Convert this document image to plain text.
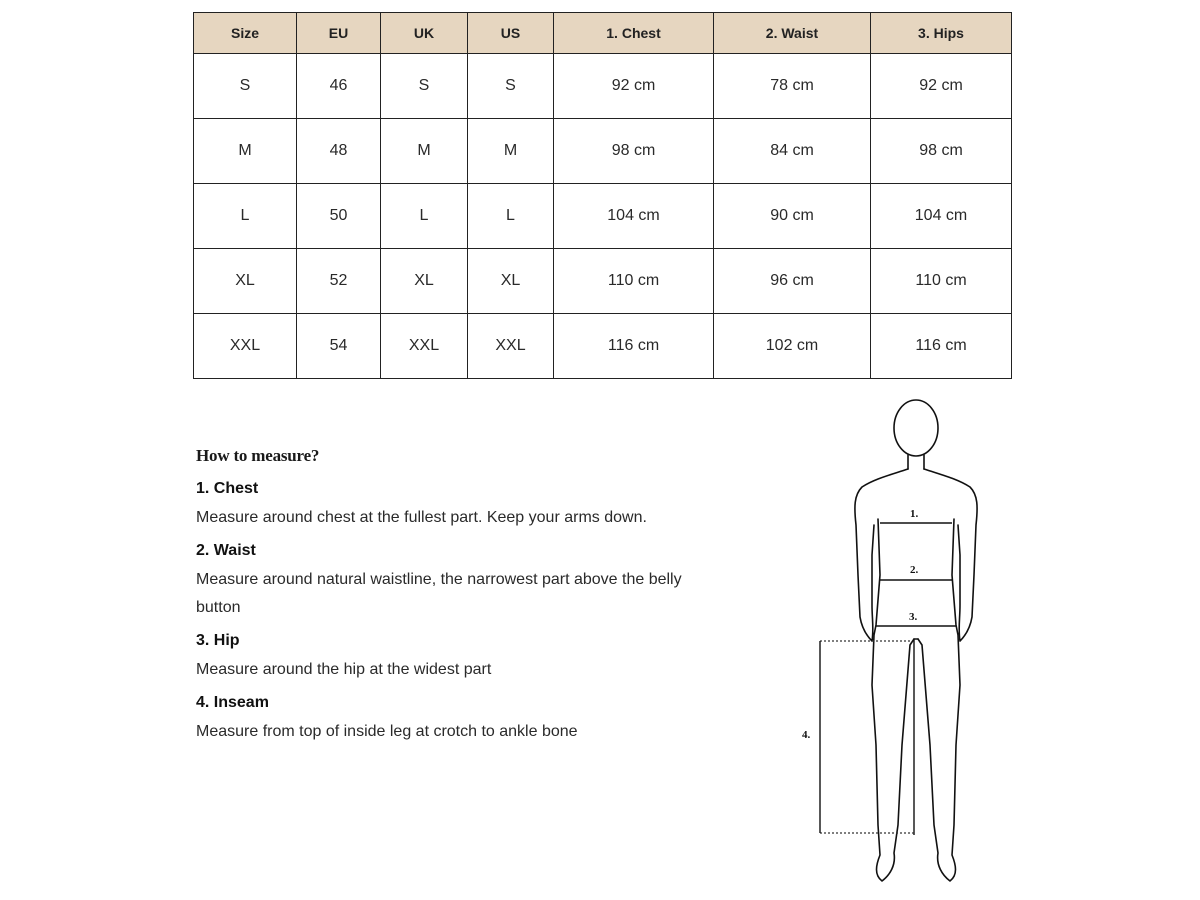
Size	EU	UK	US	1. Chest	2. Waist	3. Hips
S	46	S	S	92 cm	78 cm	92 cm
M	48	M	M	98 cm	84 cm	98 cm
L	50	L	L	104 cm	90 cm	104 cm
XL	52	XL	XL	110 cm	96 cm	110 cm
XXL	54	XXL	XXL	116 cm	102 cm	116 cm
How to measure?
1. Chest

Measure around chest at the fullest part. Keep your arms down.

2. Waist

Measure around natural waistline, the narrowest part above the belly button

3. Hip

Measure around the hip at the widest part

4. Inseam

Measure from top of inside leg at crotch to ankle bone

1.
2.
3.
4.
